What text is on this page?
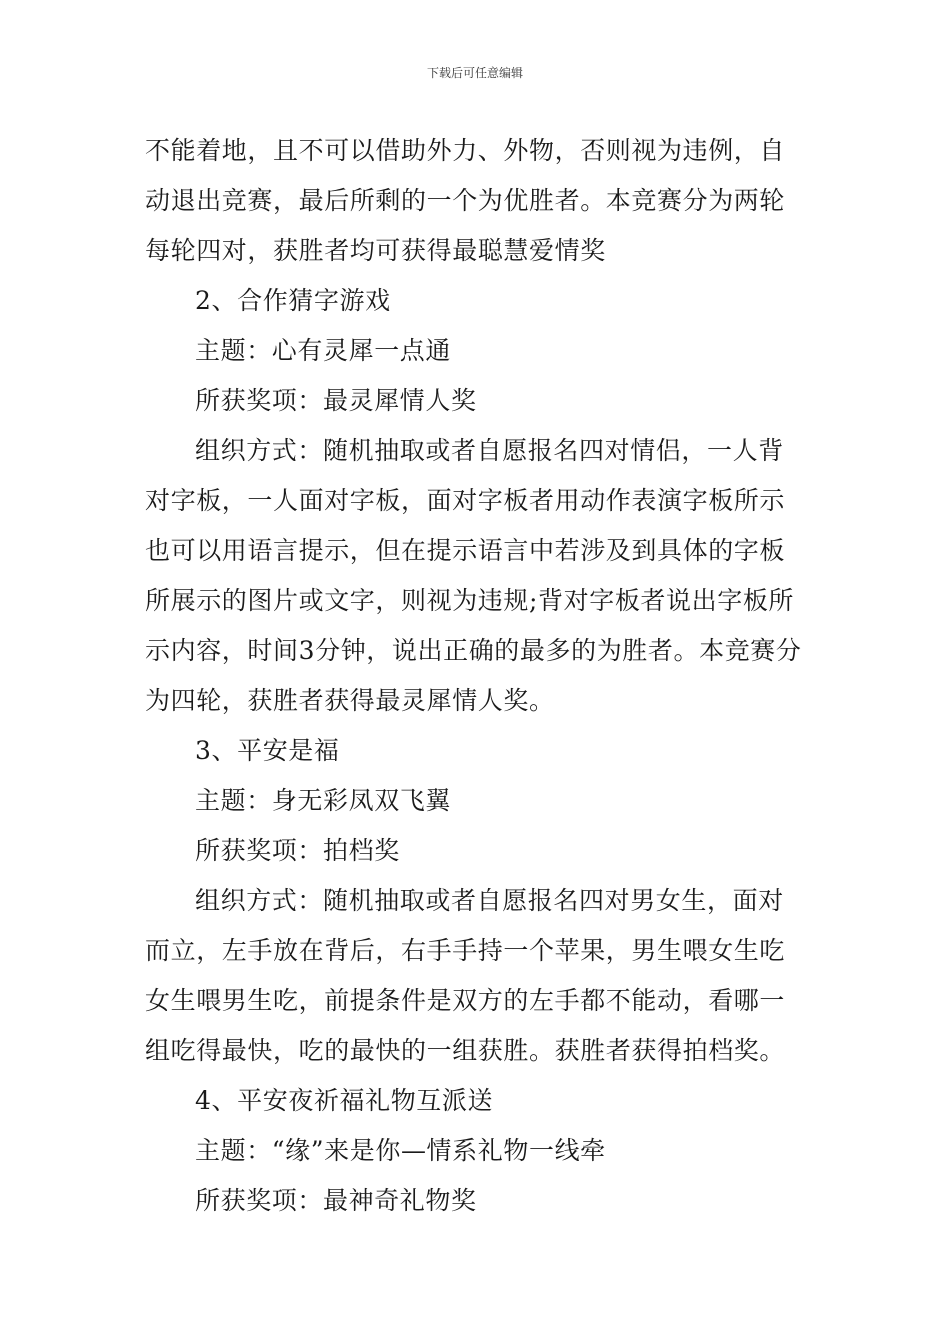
下载后可任意编辑
不能着地，且不可以借助外力、外物，否则视为违例，自
动退出竞赛，最后所剩的一个为优胜者。本竞赛分为两轮
每轮四对，获胜者均可获得最聪慧爱情奖
2、合作猜字游戏
主题：心有灵犀一点通
所获奖项：最灵犀情人奖
组织方式：随机抽取或者自愿报名四对情侣，一人背
对字板，一人面对字板，面对字板者用动作表演字板所示
也可以用语言提示，但在提示语言中若涉及到具体的字板
所展示的图片或文字，则视为违规;背对字板者说出字板所
示内容，时间3分钟，说出正确的最多的为胜者。本竞赛分
为四轮，获胜者获得最灵犀情人奖。
3、平安是福
主题：身无彩凤双飞翼
所获奖项：拍档奖
组织方式：随机抽取或者自愿报名四对男女生，面对
而立，左手放在背后，右手手持一个苹果，男生喂女生吃
女生喂男生吃，前提条件是双方的左手都不能动，看哪一
组吃得最快，吃的最快的一组获胜。获胜者获得拍档奖。
4、平安夜祈福礼物互派送
主题：“缘”来是你—情系礼物一线牵
所获奖项：最神奇礼物奖
